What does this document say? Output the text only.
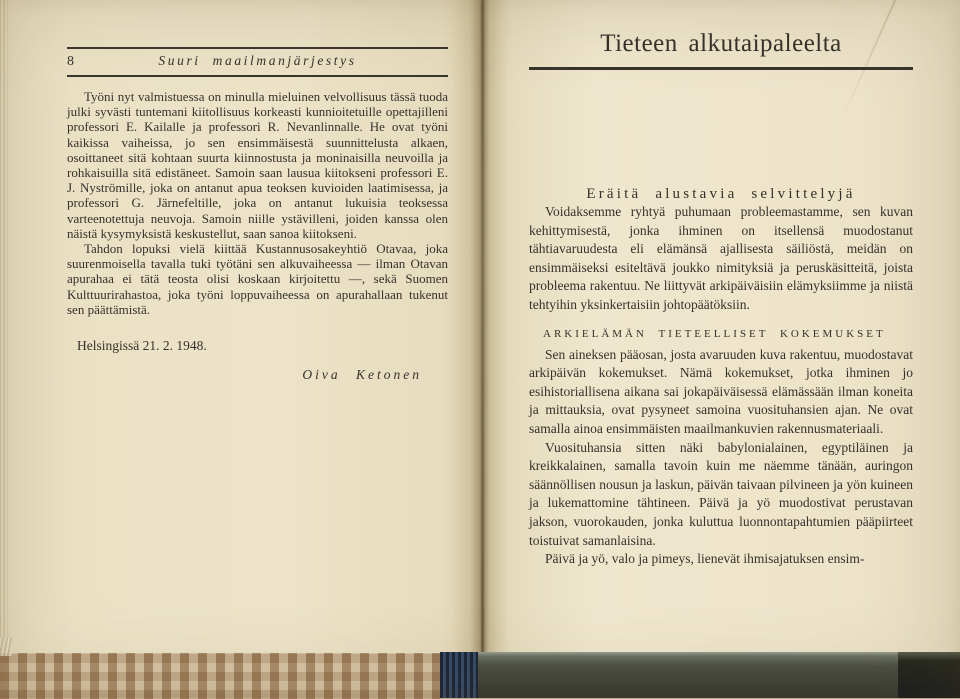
8	Suuri maailmanjärjestys

Työni nyt valmistuessa on minulla mieluinen velvollisuus tässä tuoda julki syvästi tuntemani kiitollisuus korkeasti kunnioitetuille opettajilleni professori E. Kailalle ja professori R. Nevanlinnalle. He ovat työni kaikissa vaiheissa, jo sen ensimmäisestä suunnittelusta alkaen, osoittaneet sitä kohtaan suurta kiinnostusta ja moninaisilla neuvoilla ja rohkaisuilla sitä edistäneet. Samoin saan lausua kiitokseni professori E. J. Nyströmille, joka on antanut apua teoksen kuvioiden laatimisessa, ja professori G. Järnefeltille, joka on antanut lukuisia teoksessa varteenotettuja neuvoja. Samoin niille ystävilleni, joiden kanssa olen näistä kysymyksistä keskustellut, saan sanoa kiitokseni.

Tahdon lopuksi vielä kiittää Kustannusosakeyhtiö Otavaa, joka suurenmoisella tavalla tuki työtäni sen alkuvaiheessa — ilman Otavan apurahaa ei tätä teosta olisi koskaan kirjoitettu —, sekä Suomen Kulttuurirahastoa, joka työni loppuvaiheessa on apurahallaan tukenut sen päättämistä.

Helsingissä 21. 2. 1948.
Oiva Ketonen
Tieteen alkutaipaleelta
Eräitä alustavia selvittelyjä

Voidaksemme ryhtyä puhumaan probleemastamme, sen kuvan kehittymisestä, jonka ihminen on itsellensä muodostanut tähtiavaruudesta eli elämänsä ajallisesta säiliöstä, meidän on ensimmäiseksi esiteltävä joukko nimityksiä ja peruskäsitteitä, joista probleema rakentuu. Ne liittyvät arkipäiväisiin elämyksiimme ja niistä tehtyihin yksinkertaisiin johtopäätöksiin.

ARKIELÄMÄN TIETEELLISET KOKEMUKSET

Sen aineksen pääosan, josta avaruuden kuva rakentuu, muodostavat arkipäivän kokemukset. Nämä kokemukset, jotka ihminen jo esihistoriallisena aikana sai jokapäiväisessä elämässään ilman koneita ja mittauksia, ovat pysyneet samoina vuosituhansien ajan. Ne ovat samalla ainoa ensimmäisten maailmankuvien rakennusmateriaali.

Vuosituhansia sitten näki babylonialainen, egyptiläinen ja kreikkalainen, samalla tavoin kuin me näemme tänään, auringon säännöllisen nousun ja laskun, päivän taivaan pilvineen ja yön kuineen ja lukemattomine tähtineen. Päivä ja yö muodostivat perustavan jakson, vuorokauden, jonka kuluttua luonnontapahtumien pääpiirteet toistuivat samanlaisina.

Päivä ja yö, valo ja pimeys, lienevät ihmisajatuksen ensim-
